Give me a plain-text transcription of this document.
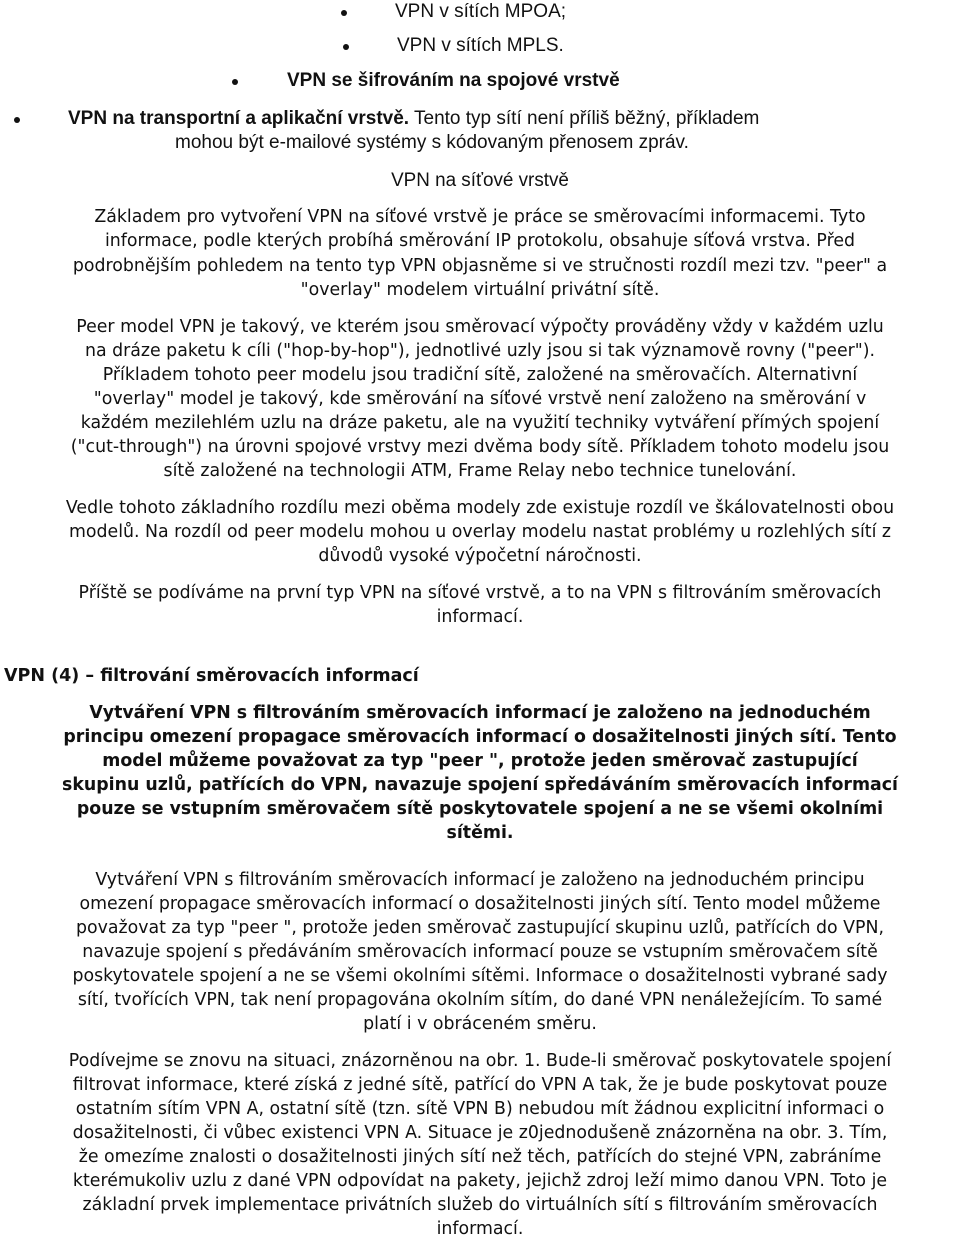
VPN v sítích MPOA;
VPN v sítích MPLS.
VPN se šifrováním na spojové vrstvě
VPN na transportní a aplikační vrstvě. Tento typ sítí není příliš běžný, příkladem
mohou být e-mailové systémy s kódovaným přenosem zpráv.
VPN na síťové vrstvě
Základem pro vytvoření VPN na síťové vrstvě je práce se směrovacími informacemi. Tyto
informace, podle kterých probíhá směrování IP protokolu, obsahuje síťová vrstva. Před
podrobnějším pohledem na tento typ VPN objasněme si ve stručnosti rozdíl mezi tzv. "peer" a
"overlay" modelem virtuální privátní sítě.
Peer model VPN je takový, ve kterém jsou směrovací výpočty prováděny vždy v každém uzlu
na dráze paketu k cíli ("hop-by-hop"), jednotlivé uzly jsou si tak významově rovny ("peer").
Příkladem tohoto peer modelu jsou tradiční sítě, založené na směrovačích. Alternativní
"overlay" model je takový, kde směrování na síťové vrstvě není založeno na směrování v
každém mezilehlém uzlu na dráze paketu, ale na využití techniky vytváření přímých spojení
("cut-through") na úrovni spojové vrstvy mezi dvěma body sítě. Příkladem tohoto modelu jsou
sítě založené na technologii ATM, Frame Relay nebo technice tunelování.
Vedle tohoto základního rozdílu mezi oběma modely zde existuje rozdíl ve škálovatelnosti obou
modelů. Na rozdíl od peer modelu mohou u overlay modelu nastat problémy u rozlehlých sítí z
důvodů vysoké výpočetní náročnosti.
Příště se podíváme na první typ VPN na síťové vrstvě, a to na VPN s filtrováním směrovacích
informací.
VPN (4) – filtrování směrovacích informací
Vytváření VPN s filtrováním směrovacích informací je založeno na jednoduchém
principu omezení propagace směrovacích informací o dosažitelnosti jiných sítí. Tento
model můžeme považovat za typ "peer ", protože jeden směrovač zastupující
skupinu uzlů, patřících do VPN, navazuje spojení spředáváním směrovacích informací
pouze se vstupním směrovačem sítě poskytovatele spojení a ne se všemi okolními
sítěmi.
Vytváření VPN s filtrováním směrovacích informací je založeno na jednoduchém principu
omezení propagace směrovacích informací o dosažitelnosti jiných sítí. Tento model můžeme
považovat za typ "peer ", protože jeden směrovač zastupující skupinu uzlů, patřících do VPN,
navazuje spojení s předáváním směrovacích informací pouze se vstupním směrovačem sítě
poskytovatele spojení a ne se všemi okolními sítěmi. Informace o dosažitelnosti vybrané sady
sítí, tvořících VPN, tak není propagována okolním sítím, do dané VPN nenáležejícím. To samé
platí i v obráceném směru.
Podívejme se znovu na situaci, znázorněnou na obr. 1. Bude-li směrovač poskytovatele spojení
filtrovat informace, které získá z jedné sítě, patřící do VPN A tak, že je bude poskytovat pouze
ostatním sítím VPN A, ostatní sítě (tzn. sítě VPN B) nebudou mít žádnou explicitní informaci o
dosažitelnosti, či vůbec existenci VPN A. Situace je z0jednodušeně znázorněna na obr. 3. Tím,
že omezíme znalosti o dosažitelnosti jiných sítí než těch, patřících do stejné VPN, zabráníme
kterémukoliv uzlu z dané VPN odpovídat na pakety, jejichž zdroj leží mimo danou VPN. Toto je
základní prvek implementace privátních služeb do virtuálních sítí s filtrováním směrovacích
informací.
